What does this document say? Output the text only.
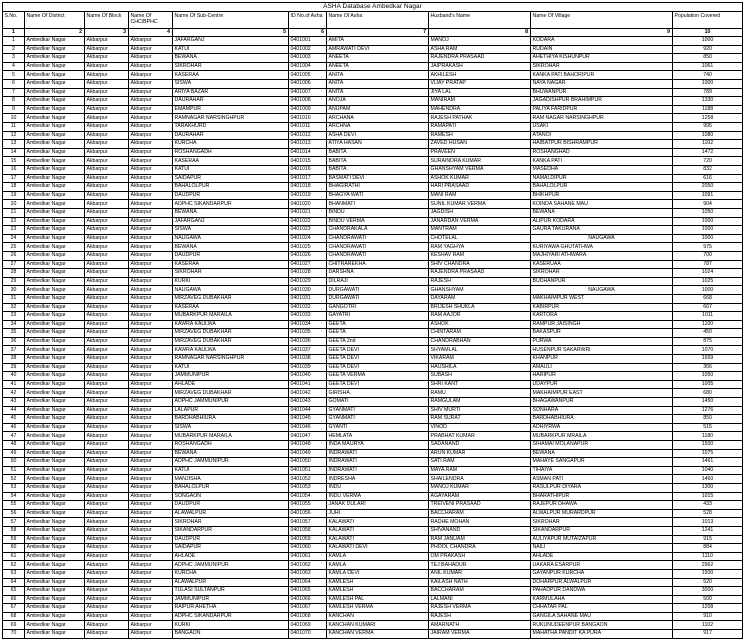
ASHA Database Ambedkar Nagar									
S.No.	Name Of District	Name Of Block	Name Of CHC/BPHC	Name Of Sub-Centre	ID No.of Asha	Name Of Asha	Husband's Name	Name Of Village	Population Covered
1	2	3	4	5	6	7	8	9	10
1	Ambedkar Nagar	Akbarpur	Akbarpur	JAFARGANJ	0401001	AMITA	MANOJ	KODARA	1000
2	Ambedkar Nagar	Akbarpur	Akbarpur	KATUI	0401002	AMRAWATI DEVI	ASHA RAM	RUDAIN	920
3	Ambedkar Nagar	Akbarpur	Akbarpur	BEWANA	0401003	ANEETA	RAJENDRA PRASAAD	AHETHIYA KISHUNPUR	850
4	Ambedkar Nagar	Akbarpur	Akbarpur	SIKROHAR	0401004	ANEETA	JAIPRAKASH	SIKROHAR	1061
5	Ambedkar Nagar	Akbarpur	Akbarpur	KASERAA	0401005	ANITA	AKHILESH	KANKA PATI BAHORIPUR	740
6	Ambedkar Nagar	Akbarpur	Akbarpur	SISWA	0401006	ANITA	VIJAY PRATAP	NAYA NAGAR	1000
7	Ambedkar Nagar	Akbarpur	Akbarpur	ARIYA BAZAR	0401007	ANITA	JIYA LAL	BHUWANPUR	789
8	Ambedkar Nagar	Akbarpur	Akbarpur	DAURAHAR	0401008	ANOJA	MANIRAM	JAGADISHPUR BRAHIMPUR	1330
9	Ambedkar Nagar	Akbarpur	Akbarpur	EMAMPUR	0401009	ANUPAM	MAHENDRA	PALIYA FARIDPUR	1188
10	Ambedkar Nagar	Akbarpur	Akbarpur	RAMNAGAR NARSINGHPUR	0401010	ARCHANA	RAJESH PATHAK	RAM NAGAR NARSINGHPUR	1258
11	Ambedkar Nagar	Akbarpur	Akbarpur	TARAKHURD	0401011	ARCHNA	RAMAPATI	USAKI	995
12	Ambedkar Nagar	Akbarpur	Akbarpur	DAURAHAR	0401012	ASHA DEVI	RAMESH	ATANOI	1080
13	Ambedkar Nagar	Akbarpur	Akbarpur	KURCHA	0401013	ATIYA HASAN	ZAVED HUSAN	HAIBATPUR BISHRAMPUR	1102
14	Ambedkar Nagar	Akbarpur	Akbarpur	ROSHANGADH	0401014	BABITA	PRAVEEN	ROSHANGHAD	1472
15	Ambedkar Nagar	Akbarpur	Akbarpur	KASERAA	0401015	BABITA	SURAINDRA KUMAR	KANKA PATI	720
16	Ambedkar Nagar	Akbarpur	Akbarpur	KATUI	0401016	BABITA	GHANSHYAM VERMA	MASEDHA	832
17	Ambedkar Nagar	Akbarpur	Akbarpur	SAIDAPUR	0401017	BASMATI DEVI	ASHOK KUMAR	NAMALDIPUR	616
18	Ambedkar Nagar	Akbarpur	Akbarpur	BAHALOLPUR	0401018	BHAGIRATHI	HARI PRASAAD	BAHALOLPUR	2050
19	Ambedkar Nagar	Akbarpur	Akbarpur	DAUDPUR	0401019	BHAGYA WATI	MANI RAM	BHIKHPUR	1091
20	Ambedkar Nagar	Akbarpur	Akbarpur	ADPHC SIKANDARPUR	0401020	BHANMATI	SUNIL KUMAR VERMA	KOINDA SAHANE MAU	904
21	Ambedkar Nagar	Akbarpur	Akbarpur	BEWANA	0401021	BINDU	JAGDISH	BEWANA	1050
22	Ambedkar Nagar	Akbarpur	Akbarpur	JAFARGANJ	0401022	BINDU VERMA	JANARDAN VERMA	ALIPUR KODARA	1000
23	Ambedkar Nagar	Akbarpur	Akbarpur	SISWA	0401023	CHANDRAKALA	MANTRAM	GAURA TAKURANA	1000
24	Ambedkar Nagar	Akbarpur	Akbarpur	NAUGAWA	0401024	CHANDRAWATI	CHOTELAL	NAUGAWA	1000
25	Ambedkar Nagar	Akbarpur	Akbarpur	BEWANA	0401025	CHANDRAWATI	RAM YAGHYA	KURIYAWA GHUTATHWA	975
26	Ambedkar Nagar	Akbarpur	Akbarpur	DAUDPUR	0401026	CHANDRAWATI	KESHAV RAM	MAJHIYARI ATHWARA	700
27	Ambedkar Nagar	Akbarpur	Akbarpur	KASERAA	0401027	CHITRAREKHA	SHIV CHANDRA	KASERUAA	787
28	Ambedkar Nagar	Akbarpur	Akbarpur	SIKROHAR	0401028	DARSHNA	RAJENDRA PRASAAD	SIKROHAR	1024
29	Ambedkar Nagar	Akbarpur	Akbarpur	KURKI	0401029	DILRAJI	RAJESH	BUDHANPUR	1025
30	Ambedkar Nagar	Akbarpur	Akbarpur	NAUGAWA	0401030	DURGAWATI	GHANSHYAM	NAUGAWA	1000
31	Ambedkar Nagar	Akbarpur	Akbarpur	MIRZAVEG DUBAKHAR	0401031	DURGAWATI	DAYARAM	MAKHAIMPUR WEST	668
32	Ambedkar Nagar	Akbarpur	Akbarpur	KASERAA	0401032	GANGOTRI	BRIJESH SHUKLA	KABIRPUR	667
33	Ambedkar Nagar	Akbarpur	Akbarpur	MUBARKPUR MARAILA	0401033	GAYATRI	RAM AAJOR	KARTORA	1011
34	Ambedkar Nagar	Akbarpur	Akbarpur	KAWRA KAULWA	0401034	GEETA	ASHOK	RAMPUR JAISINGH	1100
35	Ambedkar Nagar	Akbarpur	Akbarpur	MIRZAVEG DUBAKHAR	0401035	GEETA	CHINTARAM	BAKASPUR	450
36	Ambedkar Nagar	Akbarpur	Akbarpur	MIRZAVEG DUBAKHAR	0401036	GEETA 2nd	CHANDRABHAN	PURWA	875
37	Ambedkar Nagar	Akbarpur	Akbarpur	KAWRA KAULWA	0401037	GEETA DEVI	SHYAMLAL	HUSENPUR SAKARWRI	1070
38	Ambedkar Nagar	Akbarpur	Akbarpur	RAMNAGAR NARSINGHPUR	0401038	GEETA DEVI	VIKARAM	KHANPUR	1659
39	Ambedkar Nagar	Akbarpur	Akbarpur	KATUI	0401039	GEETA DEVI	HAUSHILA	AMAULI	366
40	Ambedkar Nagar	Akbarpur	Akbarpur	JAMMUNIPUR	0401040	GEETA VERMA	SUBASH	HARIPUR	1050
41	Ambedkar Nagar	Akbarpur	Akbarpur	AHLADE	0401041	GEETA DEVI	SHRI KANT	UDAYPUR	1005
42	Ambedkar Nagar	Akbarpur	Akbarpur	MIRZAVEG DUBAKHAR	0401042	GIRISHA	RAMU	MAKHAIMPUR EAST	680
43	Ambedkar Nagar	Akbarpur	Akbarpur	ADPHC JAMMUNIPUR	0401043	GOMATI	RAMGULAM	BHAGAWANPUR	1450
44	Ambedkar Nagar	Akbarpur	Akbarpur	LALAPUR	0401044	GYANMATI	SHIV MURTI	SONHARA	1276
45	Ambedkar Nagar	Akbarpur	Akbarpur	BARDHABHIURA	0401045	GYANMATI	RAM SURAT	BARDHABHIURA	850
46	Ambedkar Nagar	Akbarpur	Akbarpur	SISWA	0401046	GYANTI	VINOD	ADHIYRWA	515
47	Ambedkar Nagar	Akbarpur	Akbarpur	MUBARKPUR MARAILA	0401047	HEMLATA	PRABHAT KUMAR	MUBARKPUR MRAILA	1180
48	Ambedkar Nagar	Akbarpur	Akbarpur	ROSHANGADH	0401048	INDA MAURYA	SADANAND	SIHAMAI MOLANAPUR	1500
49	Ambedkar Nagar	Akbarpur	Akbarpur	BEWANA	0401049	INDRAWATI	ARUN KUMAR	BEWANA	1075
50	Ambedkar Nagar	Akbarpur	Akbarpur	ADPHC JAMMUNIPUR	0401050	INDRAWATI	SATI RAM	MAHAYE SANGAPUR	1461
51	Ambedkar Nagar	Akbarpur	Akbarpur	KATUI	0401051	INDRAWATI	MAYA RAM	TIHAIYA	1040
52	Ambedkar Nagar	Akbarpur	Akbarpur	MANJISHA	0401052	INDRESHA	SHAILENDRA	ASMAN PATI	1460
53	Ambedkar Nagar	Akbarpur	Akbarpur	BAHALOLPUR	0401053	INDU	MANOJ KUMAR	RASULPUR DIYARA	1300
54	Ambedkar Nagar	Akbarpur	Akbarpur	SONGAON	0401054	INDU VERMA	AGAYARAM	BHARATHIPUR	1015
55	Ambedkar Nagar	Akbarpur	Akbarpur	DAUDPUR	0401055	JANAK DULARI	TREIVENI PRASAAD	RAJEPUR DHAWA	433
56	Ambedkar Nagar	Akbarpur	Akbarpur	ALAWALPUR	0401056	JUHI	BACCHARAM	ALWALPUR MURARDPUR	528
57	Ambedkar Nagar	Akbarpur	Akbarpur	SIKROHAR	0401057	KALAWATI	RADHE MOHAN	SIKROHAR	1013
58	Ambedkar Nagar	Akbarpur	Akbarpur	SIKANDARPUR	0401058	KALAWATI	SHIVANAND	SIKANDARPUR	1241
59	Ambedkar Nagar	Akbarpur	Akbarpur	DAUDPUR	0401059	KALAWATI	RAM JANUAM	AULIYAPUR MUTAIZAPUR	915
60	Ambedkar Nagar	Akbarpur	Akbarpur	SAIDAPUR	0401060	KALAWATI DEVI	PHOOL CHANDRA	NAILI	884
61	Ambedkar Nagar	Akbarpur	Akbarpur	AHLADE	0401061	KAMLA	OM PRAKASH	AHLADE	1110
62	Ambedkar Nagar	Akbarpur	Akbarpur	ADPHC JAMMUNIPUR	0401062	KAMLA	TEJ BAHADUR	UAKARA ESARPUR	2962
63	Ambedkar Nagar	Akbarpur	Akbarpur	KURCHA	0401063	KAMLA DEVI	ANIL KUMAR	GAYANPUR KURCHA	1500
64	Ambedkar Nagar	Akbarpur	Akbarpur	ALAWALPUR	0401064	KAMLESH	KAILASH NATH	DOHARPUR ALWALPUR	520
65	Ambedkar Nagar	Akbarpur	Akbarpur	TULASI SULTANPUR	0401065	KAMLESH	BACCHARAM	PAHADPUR DANDWA	3000
66	Ambedkar Nagar	Akbarpur	Akbarpur	JAMMUNIPUR	0401066	KAMLESH PAL	LALMANI	KARMULAHA	500
67	Ambedkar Nagar	Akbarpur	Akbarpur	RAIPUR AHETHA	0401067	KAMLESH VERMA	RAJESH VERMA	CHHATAR PAL	1208
68	Ambedkar Nagar	Akbarpur	Akbarpur	ADPHC SIKANDARPUR	0401068	KANCHAN	RAJESH	GANGILA SAHANE MAU	910
69	Ambedkar Nagar	Akbarpur	Akbarpur	KURKI	0401069	KANCHAN KUMARI	AMARNATH	RUKUNUDEENPUR BANGAON	1102
70	Ambedkar Nagar	Akbarpur	Akbarpur	BANGAON	0401070	KANCHAN VERMA	JAIRAM VERMA	MAHATHA PANDIT KA PURA	917
